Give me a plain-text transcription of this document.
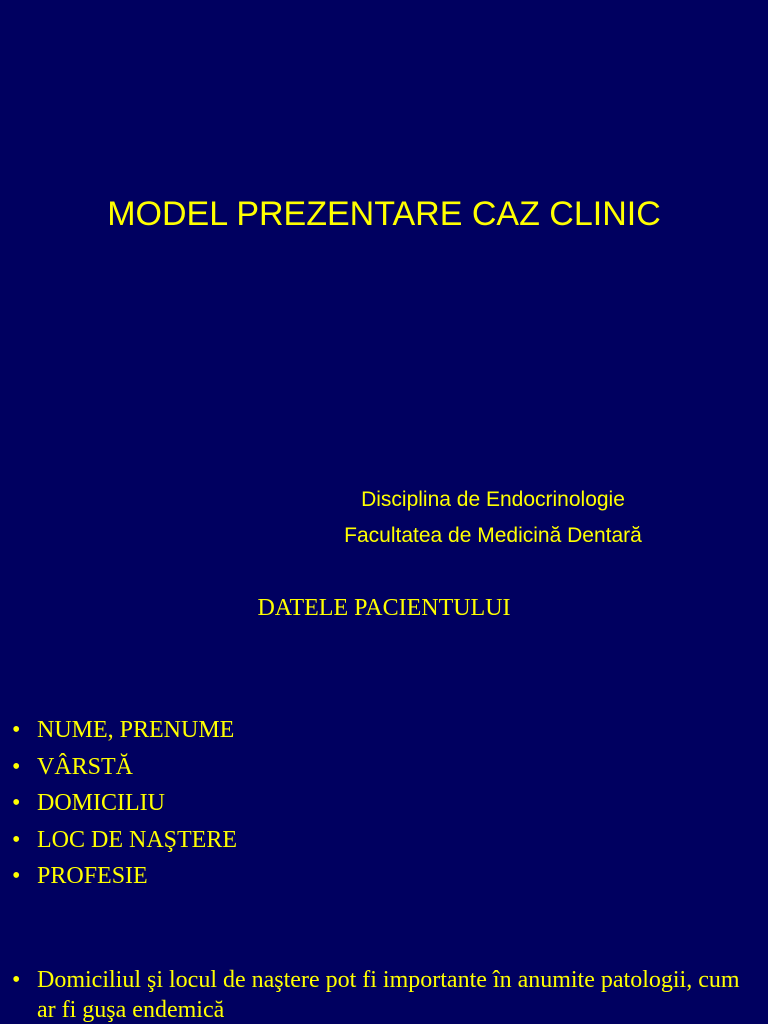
MODEL PREZENTARE CAZ CLINIC
Disciplina de Endocrinologie
Facultatea de Medicină Dentară
DATELE PACIENTULUI
• NUME, PRENUME
• VÂRSTĂ
• DOMICILIU
• LOC DE NAŞTERE
• PROFESIE
• Domiciliul şi locul de naştere pot fi importante în anumite patologii, cum ar fi guşa endemică
